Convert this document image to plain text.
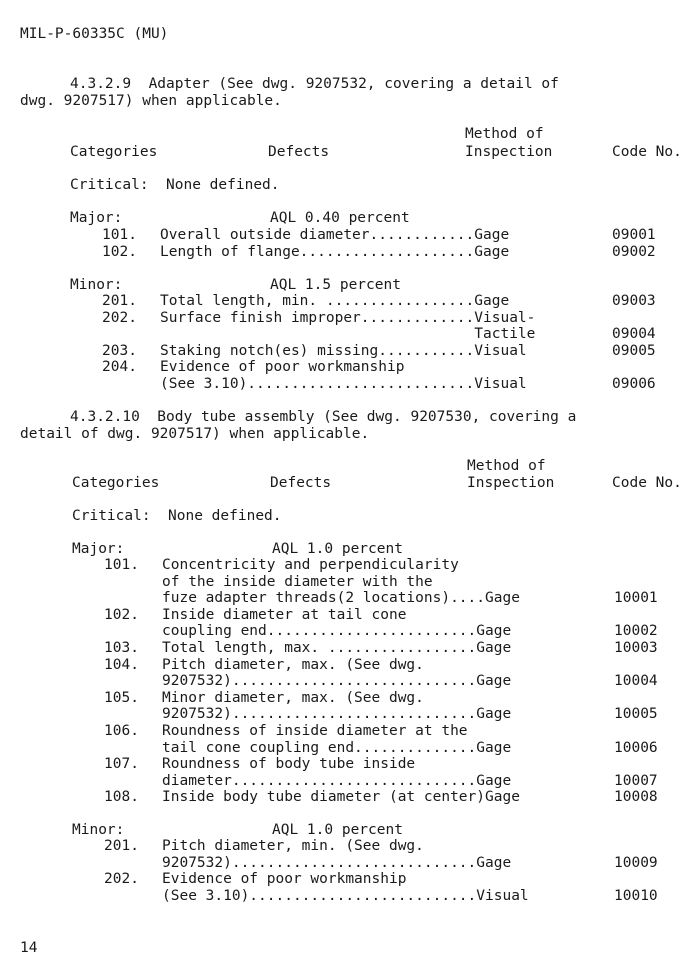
MIL-P-60335C (MU)
4.3.2.9  Adapter (See dwg. 9207532, covering a detail of
dwg. 9207517) when applicable.
Method of
Categories	Defects	Inspection	Code No.
Critical:  None defined.
Major:	AQL 0.40 percent
101. Overall outside diameter............Gage	09001
102. Length of flange....................Gage	09002
Minor:	AQL 1.5 percent
201. Total length, min. .................Gage	09003
202. Surface finish improper.............Visual-
Tactile	09004
203. Staking notch(es) missing...........Visual	09005
204. Evidence of poor workmanship
(See 3.10)..........................Visual	09006
4.3.2.10  Body tube assembly (See dwg. 9207530, covering a
detail of dwg. 9207517) when applicable.
Method of
Categories	Defects	Inspection	Code No.
Critical:  None defined.
Major:	AQL 1.0 percent
101. Concentricity and perpendicularity
of the inside diameter with the
fuze adapter threads(2 locations)....Gage	10001
102. Inside diameter at tail cone
coupling end........................Gage	10002
103. Total length, max. .................Gage	10003
104. Pitch diameter, max. (See dwg.
9207532)............................Gage	10004
105. Minor diameter, max. (See dwg.
9207532)............................Gage	10005
106. Roundness of inside diameter at the
tail cone coupling end..............Gage	10006
107. Roundness of body tube inside
diameter............................Gage	10007
108. Inside body tube diameter (at center)Gage	10008
Minor:	AQL 1.0 percent
201. Pitch diameter, min. (See dwg.
9207532)............................Gage	10009
202. Evidence of poor workmanship
(See 3.10)..........................Visual	10010
14
